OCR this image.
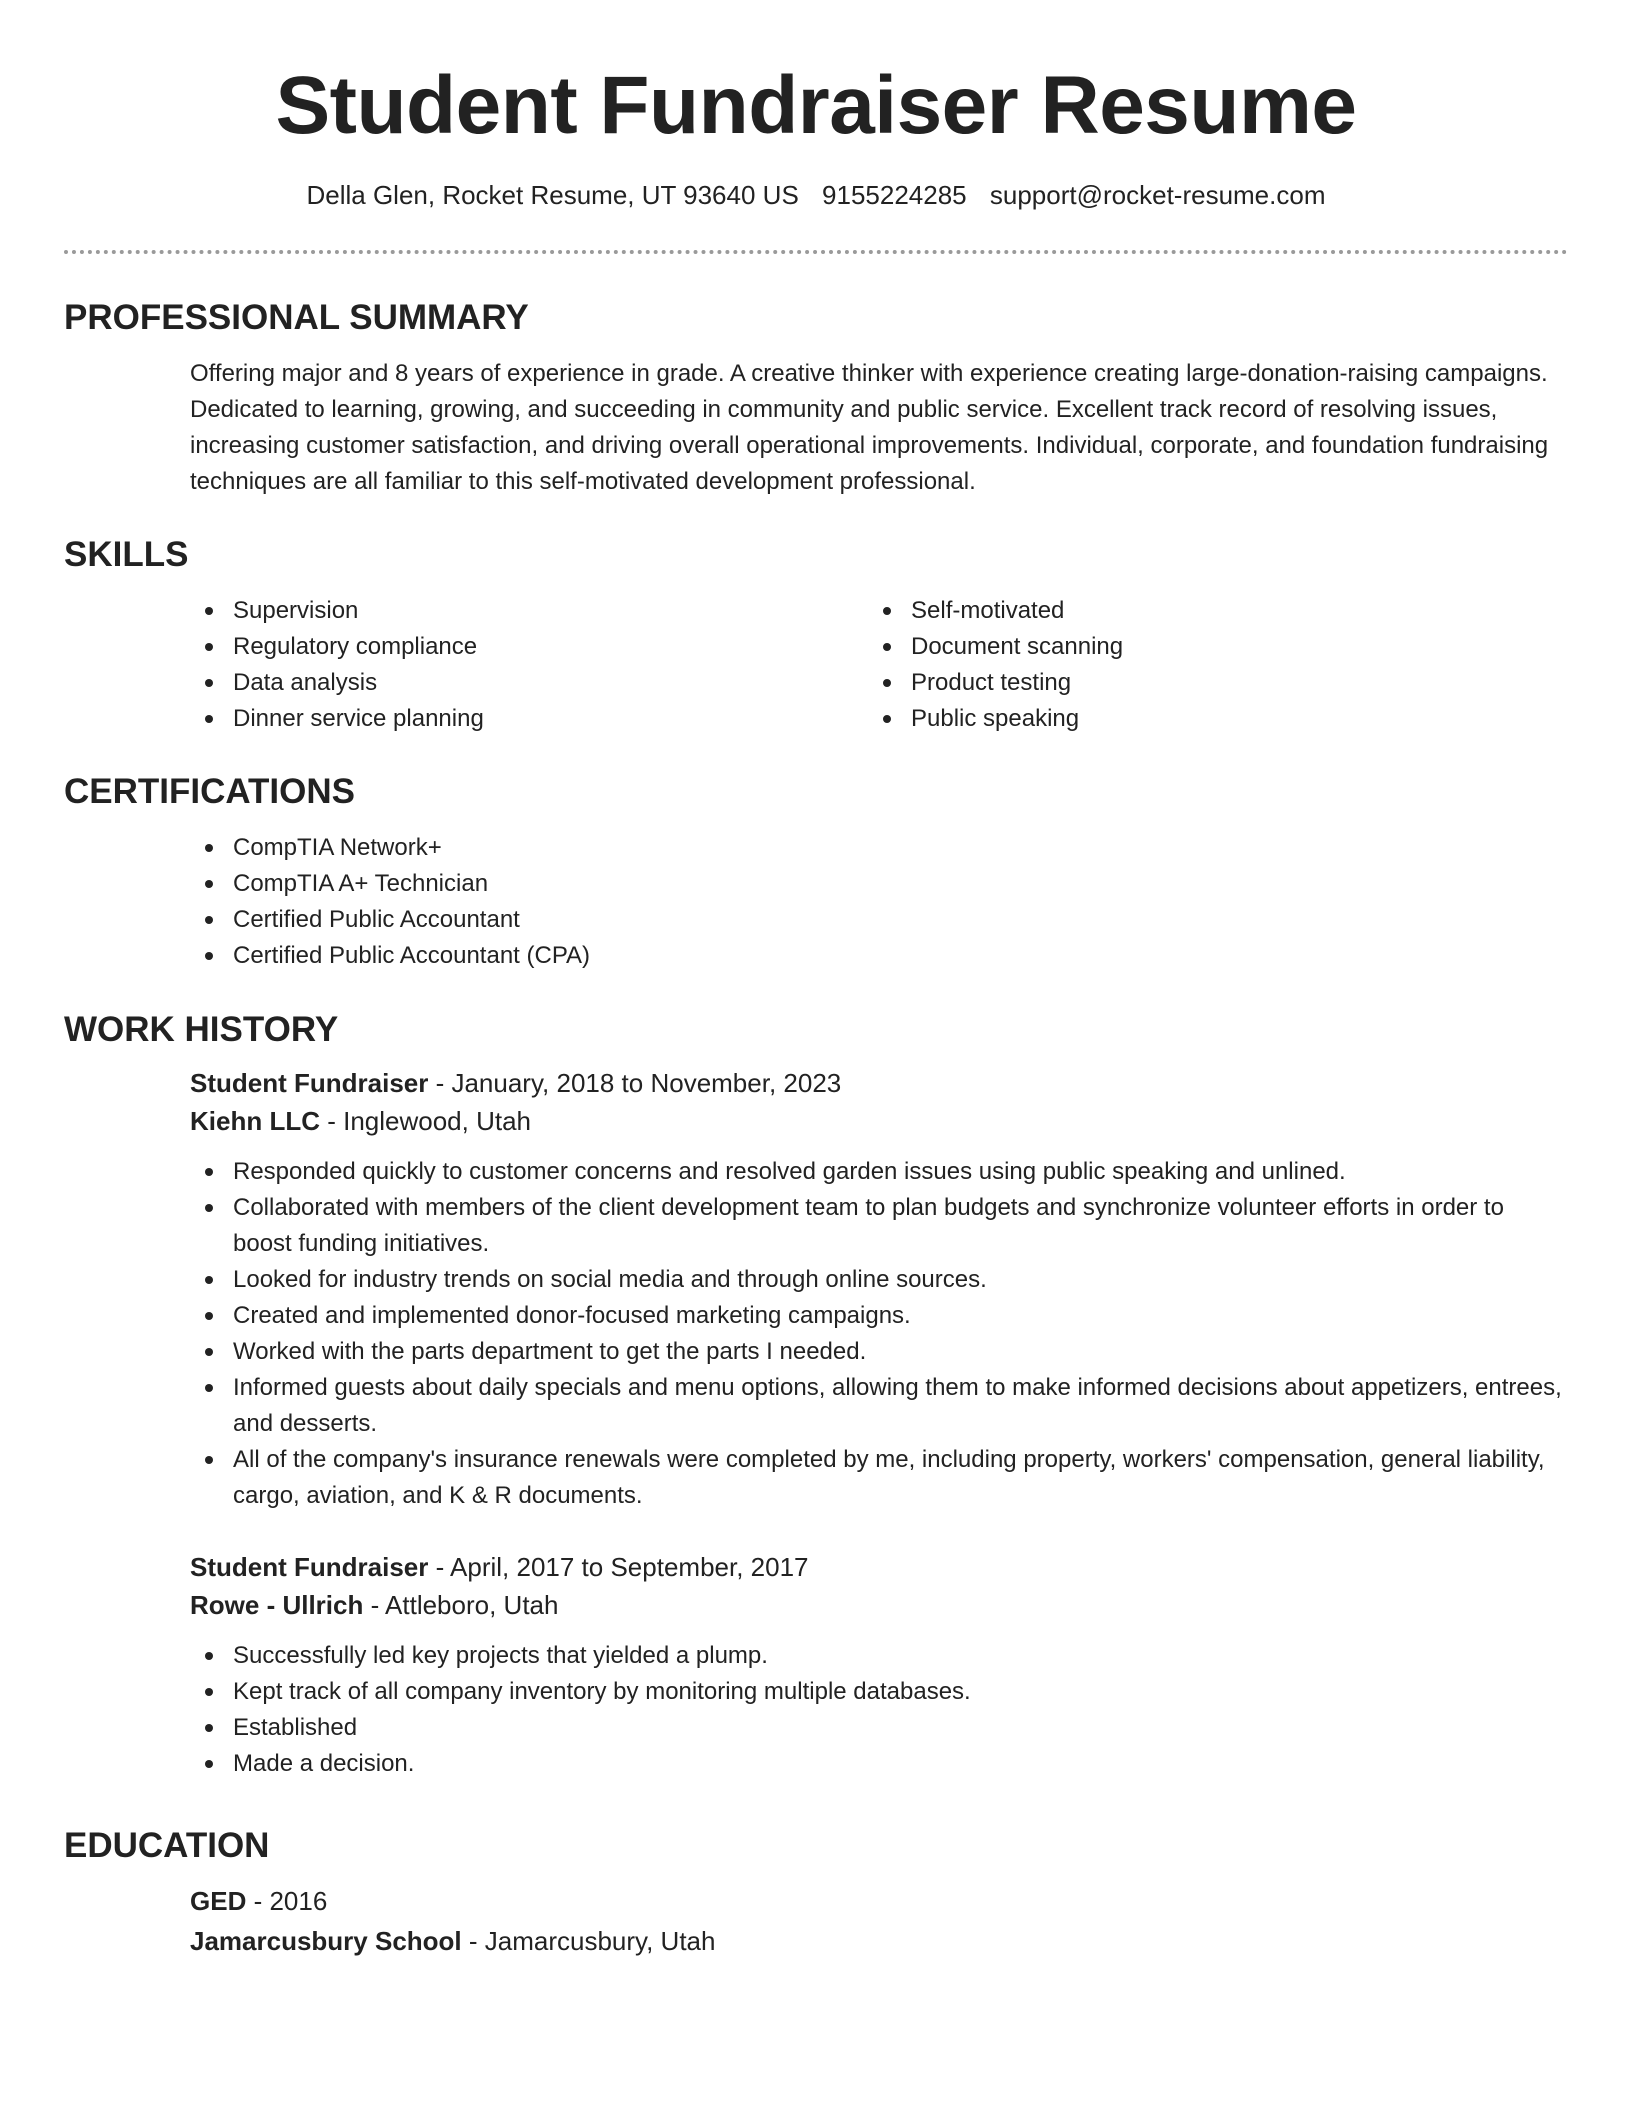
Student Fundraiser Resume
Della Glen, Rocket Resume, UT 93640 US 9155224285 support@rocket-resume.com
PROFESSIONAL SUMMARY

Offering major and 8 years of experience in grade. A creative thinker with experience creating large-donation-raising campaigns. Dedicated to learning, growing, and succeeding in community and public service. Excellent track record of resolving issues, increasing customer satisfaction, and driving overall operational improvements. Individual, corporate, and foundation fundraising techniques are all familiar to this self-motivated development professional.

SKILLS
Supervision
Regulatory compliance
Data analysis
Dinner service planning
Self-motivated
Document scanning
Product testing
Public speaking
CERTIFICATIONS
CompTIA Network+
CompTIA A+ Technician
Certified Public Accountant
Certified Public Accountant (CPA)
WORK HISTORY
Student Fundraiser - January, 2018 to November, 2023
Kiehn LLC - Inglewood, Utah
Responded quickly to customer concerns and resolved garden issues using public speaking and unlined.
Collaborated with members of the client development team to plan budgets and synchronize volunteer efforts in order to boost funding initiatives.
Looked for industry trends on social media and through online sources.
Created and implemented donor-focused marketing campaigns.
Worked with the parts department to get the parts I needed.
Informed guests about daily specials and menu options, allowing them to make informed decisions about appetizers, entrees, and desserts.
All of the company's insurance renewals were completed by me, including property, workers' compensation, general liability, cargo, aviation, and K & R documents.
Student Fundraiser - April, 2017 to September, 2017
Rowe - Ullrich - Attleboro, Utah
Successfully led key projects that yielded a plump.
Kept track of all company inventory by monitoring multiple databases.
Established
Made a decision.
EDUCATION
GED - 2016
Jamarcusbury School - Jamarcusbury, Utah
